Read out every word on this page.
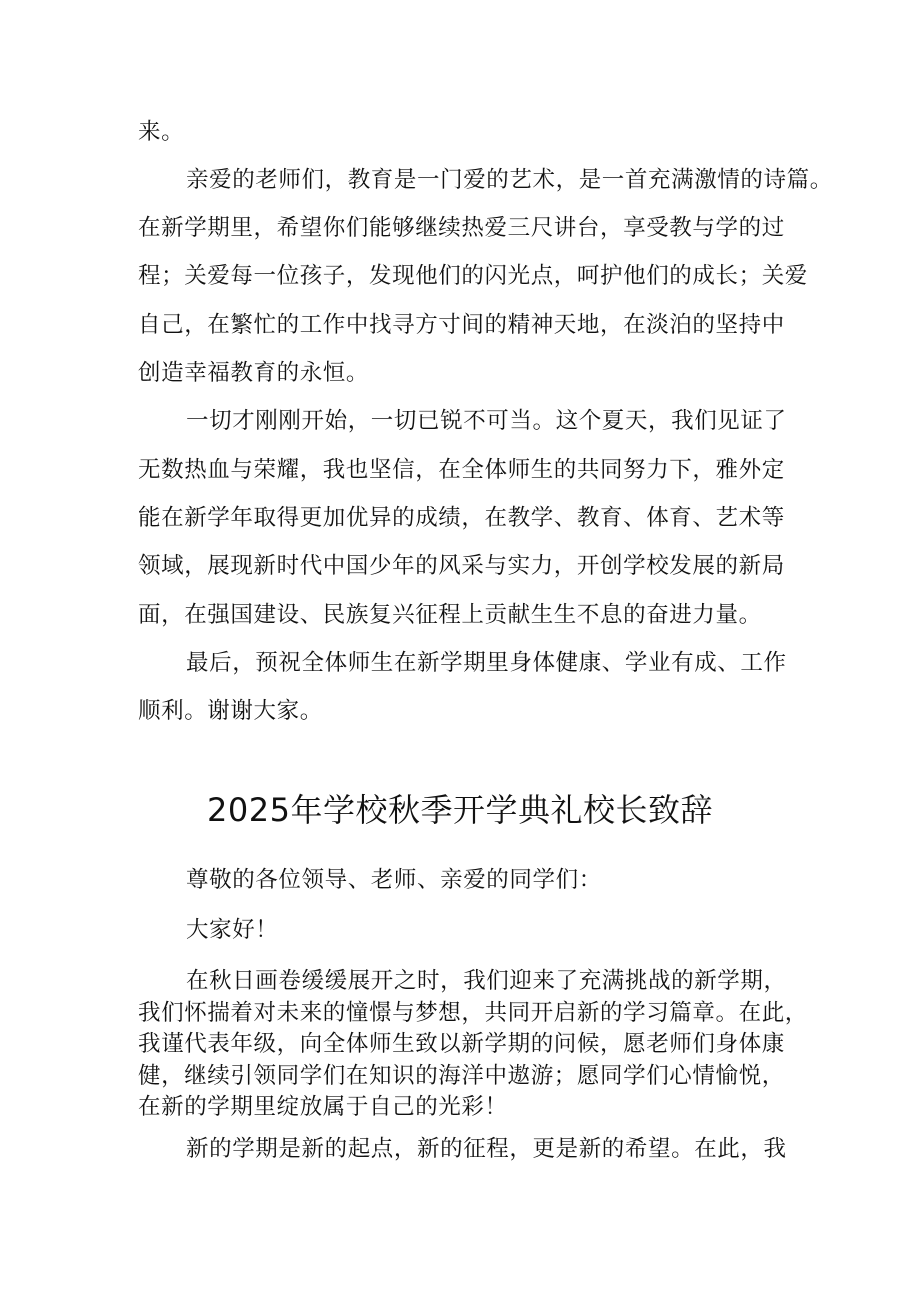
来。
亲爱的老师们，教育是一门爱的艺术，是一首充满激情的诗篇。
在新学期里，希望你们能够继续热爱三尺讲台，享受教与学的过
程；关爱每一位孩子，发现他们的闪光点，呵护他们的成长；关爱
自己，在繁忙的工作中找寻方寸间的精神天地，在淡泊的坚持中
创造幸福教育的永恒。
一切才刚刚开始，一切已锐不可当。这个夏天，我们见证了
无数热血与荣耀，我也坚信，在全体师生的共同努力下，雅外定
能在新学年取得更加优异的成绩，在教学、教育、体育、艺术等
领域，展现新时代中国少年的风采与实力，开创学校发展的新局
面，在强国建设、民族复兴征程上贡献生生不息的奋进力量。
最后，预祝全体师生在新学期里身体健康、学业有成、工作
顺利。谢谢大家。
2025年学校秋季开学典礼校长致辞
尊敬的各位领导、老师、亲爱的同学们：
大家好！
在秋日画卷缓缓展开之时，我们迎来了充满挑战的新学期，
我们怀揣着对未来的憧憬与梦想，共同开启新的学习篇章。在此，
我谨代表年级，向全体师生致以新学期的问候，愿老师们身体康
健，继续引领同学们在知识的海洋中遨游；愿同学们心情愉悦，
在新的学期里绽放属于自己的光彩！
新的学期是新的起点，新的征程，更是新的希望。在此，我
